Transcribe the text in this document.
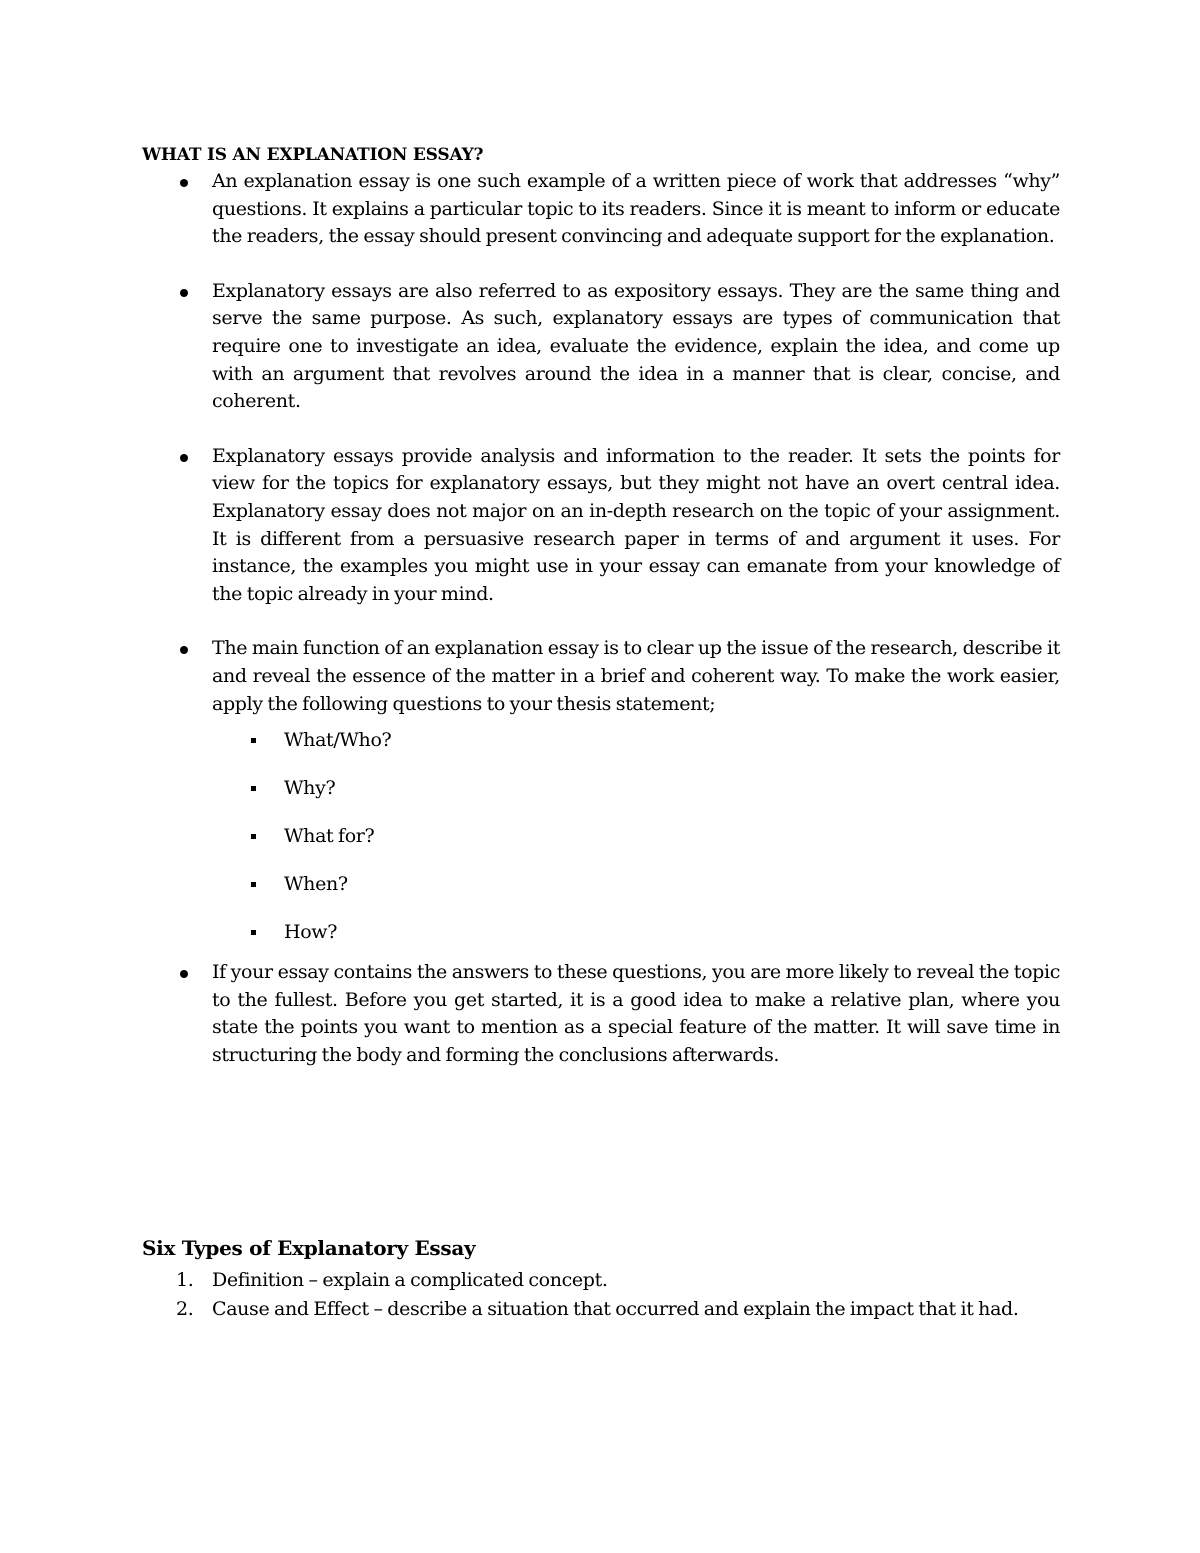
WHAT IS AN EXPLANATION ESSAY?
An explanation essay is one such example of a written piece of work that addresses “why” questions. It explains a particular topic to its readers. Since it is meant to inform or educate the readers, the essay should present convincing and adequate support for the explanation.
Explanatory essays are also referred to as expository essays. They are the same thing and serve the same purpose. As such, explanatory essays are types of communication that require one to investigate an idea, evaluate the evidence, explain the idea, and come up with an argument that revolves around the idea in a manner that is clear, concise, and coherent.
Explanatory essays provide analysis and information to the reader. It sets the points for view for the topics for explanatory essays, but they might not have an overt central idea. Explanatory essay does not major on an in-depth research on the topic of your assignment. It is different from a persuasive research paper in terms of and argument it uses. For instance, the examples you might use in your essay can emanate from your knowledge of the topic already in your mind.
The main function of an explanation essay is to clear up the issue of the research, describe it and reveal the essence of the matter in a brief and coherent way. To make the work easier, apply the following questions to your thesis statement;
What/Who?
Why?
What for?
When?
How?
If your essay contains the answers to these questions, you are more likely to reveal the topic to the fullest. Before you get started, it is a good idea to make a relative plan, where you state the points you want to mention as a special feature of the matter. It will save time in structuring the body and forming the conclusions afterwards.
Six Types of Explanatory Essay
1. Definition – explain a complicated concept.
2. Cause and Effect – describe a situation that occurred and explain the impact that it had.
